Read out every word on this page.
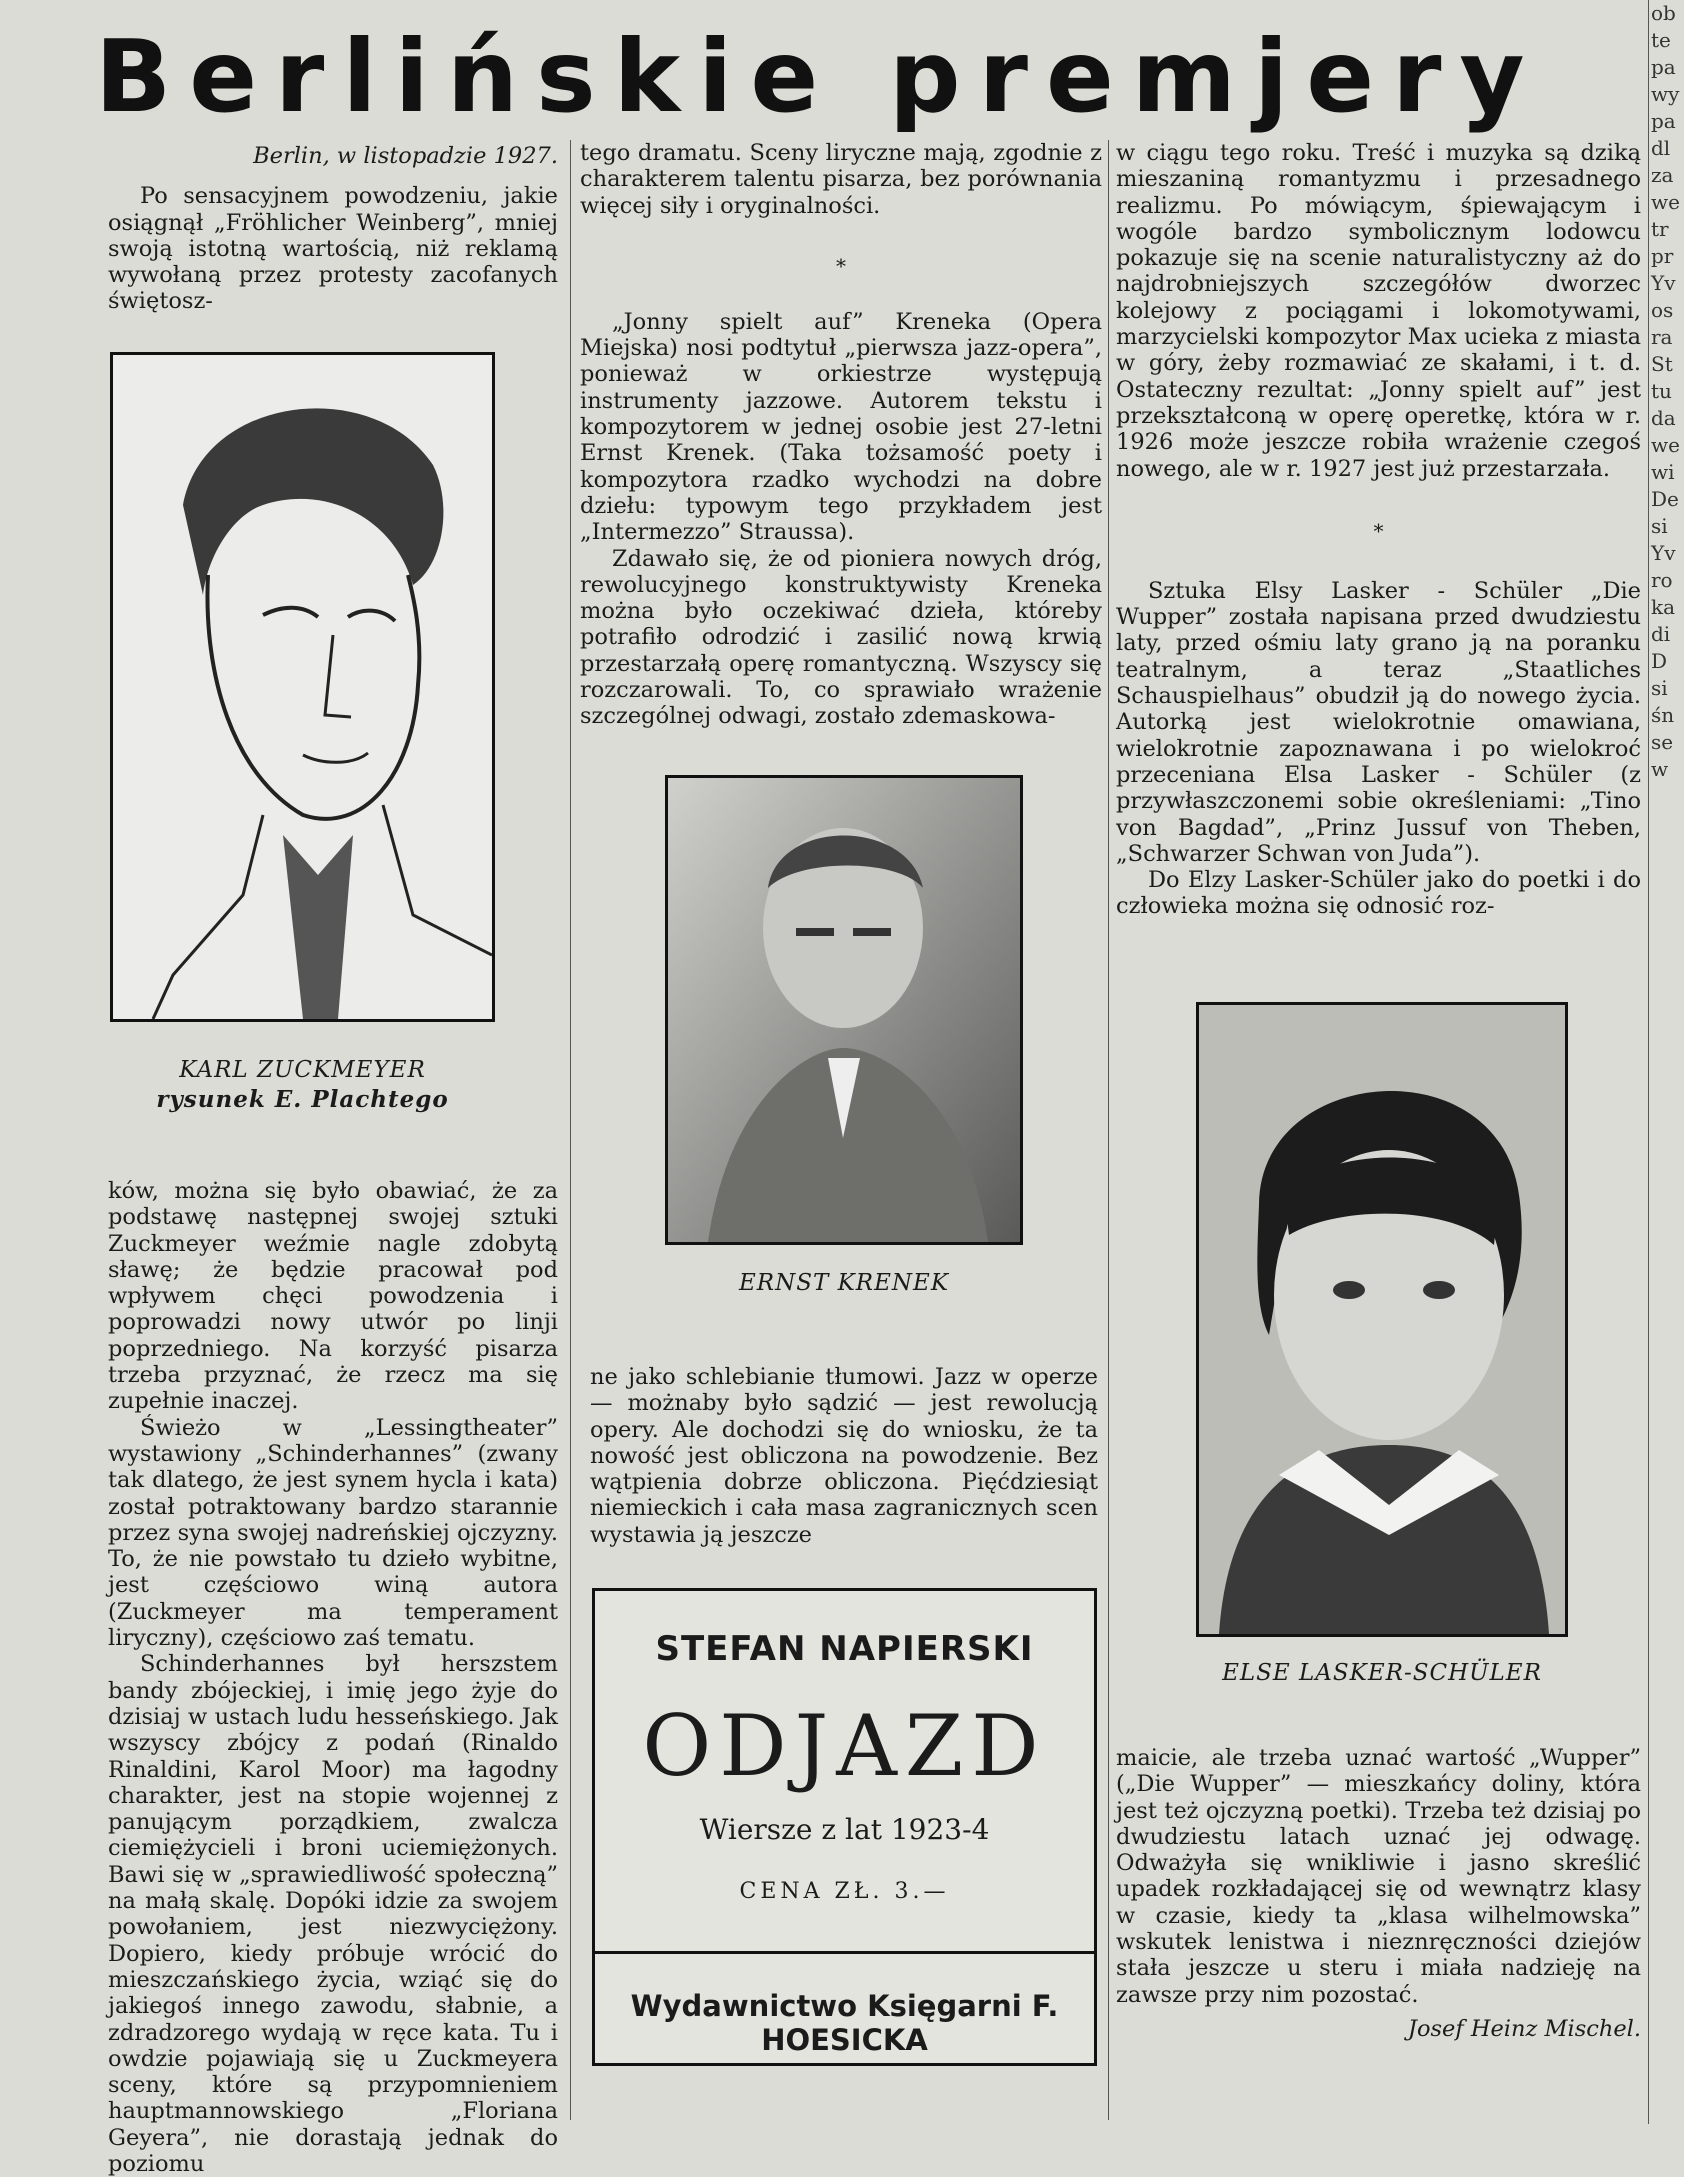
Berlińskie premjery

Berlin, w listopadzie 1927.

Po sensacyjnem powodzeniu, jakie osiągnął „Fröhlicher Weinberg”, mniej swoją istotną wartością, niż reklamą wywołaną przez protesty zacofanych świętosz-

KARL ZUCKMEYER
rysunek E. Plachtego

ków, można się było obawiać, że za podstawę następnej swojej sztuki Zuckmeyer weźmie nagle zdobytą sławę; że będzie pracował pod wpływem chęci powodzenia i poprowadzi nowy utwór po linji poprzedniego. Na korzyść pisarza trzeba przyznać, że rzecz ma się zupełnie inaczej.

Świeżo w „Lessingtheater” wystawiony „Schinderhannes” (zwany tak dlatego, że jest synem hycla i kata) został potraktowany bardzo starannie przez syna swojej nadreńskiej ojczyzny. To, że nie powstało tu dzieło wybitne, jest częściowo winą autora (Zuckmeyer ma temperament liryczny), częściowo zaś tematu.

Schinderhannes był herszstem bandy zbójeckiej, i imię jego żyje do dzisiaj w ustach ludu hesseńskiego. Jak wszyscy zbójcy z podań (Rinaldo Rinaldini, Karol Moor) ma łagodny charakter, jest na stopie wojennej z panującym porządkiem, zwalcza ciemiężycieli i broni uciemiężonych. Bawi się w „sprawiedliwość społeczną” na małą skalę. Dopóki idzie za swojem powołaniem, jest niezwyciężony. Dopiero, kiedy próbuje wrócić do mieszczańskiego życia, wziąć się do jakiegoś innego zawodu, słabnie, a zdradzorego wydają w ręce kata. Tu i owdzie pojawiają się u Zuckmeyera sceny, które są przypomnieniem hauptmannowskiego „Floriana Geyera”, nie dorastają jednak do poziomu

tego dramatu. Sceny liryczne mają, zgodnie z charakterem talentu pisarza, bez porównania więcej siły i oryginalności.

*

„Jonny spielt auf” Kreneka (Opera Miejska) nosi podtytuł „pierwsza jazz-opera”, ponieważ w orkiestrze występują instrumenty jazzowe. Autorem tekstu i kompozytorem w jednej osobie jest 27-letni Ernst Krenek. (Taka tożsamość poety i kompozytora rzadko wychodzi na dobre dziełu: typowym tego przykładem jest „Intermezzo” Straussa).

Zdawało się, że od pioniera nowych dróg, rewolucyjnego konstruktywisty Kreneka można było oczekiwać dzieła, któreby potrafiło odrodzić i zasilić nową krwią przestarzałą operę romantyczną. Wszyscy się rozczarowali. To, co sprawiało wrażenie szczególnej odwagi, zostało zdemaskowa-

ERNST KRENEK

ne jako schlebianie tłumowi. Jazz w operze — możnaby było sądzić — jest rewolucją opery. Ale dochodzi się do wniosku, że ta nowość jest obliczona na powodzenie. Bez wątpienia dobrze obliczona. Pięćdziesiąt niemieckich i cała masa zagranicznych scen wystawia ją jeszcze

STEFAN NAPIERSKI
ODJAZD
Wiersze z lat 1923-4
CENA ZŁ. 3.—
Wydawnictwo Księgarni F. HOESICKA

w ciągu tego roku. Treść i muzyka są dziką mieszaniną romantyzmu i przesadnego realizmu. Po mówiącym, śpiewającym i wogóle bardzo symbolicznym lodowcu pokazuje się na scenie naturalistyczny aż do najdrobniejszych szczegółów dworzec kolejowy z pociągami i lokomotywami, marzycielski kompozytor Max ucieka z miasta w góry, żeby rozmawiać ze skałami, i t. d. Ostateczny rezultat: „Jonny spielt auf” jest przekształconą w operę operetkę, która w r. 1926 może jeszcze robiła wrażenie czegoś nowego, ale w r. 1927 jest już przestarzała.

*

Sztuka Elsy Lasker - Schüler „Die Wupper” została napisana przed dwudziestu laty, przed ośmiu laty grano ją na poranku teatralnym, a teraz „Staatliches Schauspielhaus” obudził ją do nowego życia. Autorką jest wielokrotnie omawiana, wielokrotnie zapoznawana i po wielokroć przeceniana Elsa Lasker - Schüler (z przywłaszczonemi sobie określeniami: „Tino von Bagdad”, „Prinz Jussuf von Theben, „Schwarzer Schwan von Juda”).

Do Elzy Lasker-Schüler jako do poetki i do człowieka można się odnosić roz-

ELSE LASKER-SCHÜLER

maicie, ale trzeba uznać wartość „Wupper” („Die Wupper” — mieszkańcy doliny, która jest też ojczyzną poetki). Trzeba też dzisiaj po dwudziestu latach uznać jej odwagę. Odważyła się wnikliwie i jasno skreślić upadek rozkładającej się od wewnątrz klasy w czasie, kiedy ta „klasa wilhelmowska” wskutek lenistwa i nieznręczności dziejów stała jeszcze u steru i miała nadzieję na zawsze przy nim pozostać.

Josef Heinz Mischel.

ob
te
pa
wy
pa
dl
za
we
tr
pr
Yv
os
ra
St
tu
da
we
wi
De
si
Yv
ro
ka
di
D
si
śn
se
w
